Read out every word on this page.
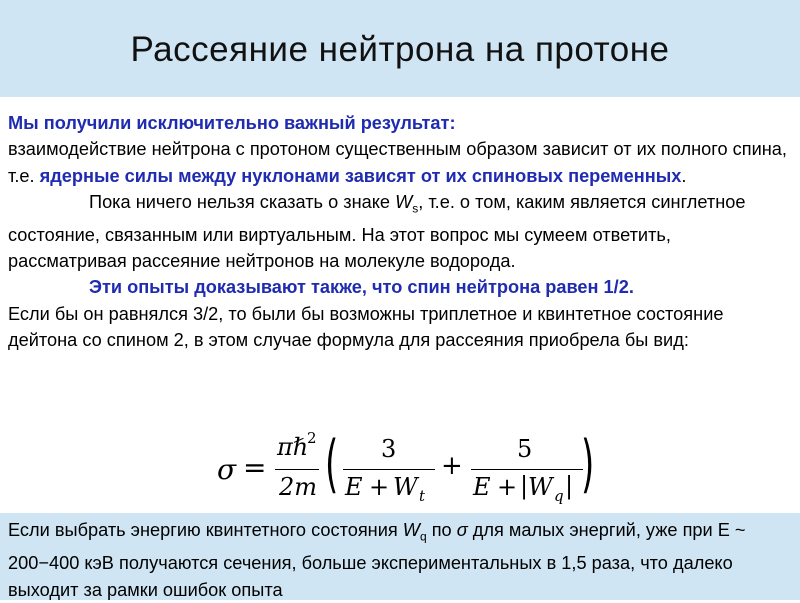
Рассеяние нейтрона на протоне

Мы получили исключительно важный результат:
взаимодействие нейтрона с протоном существенным образом зависит от их полного спина, т.е. ядерные силы между нуклонами зависят от их спиновых переменных.

Пока ничего нельзя сказать о знаке $W_s$, т.е. о том, каким является синглетное состояние, связанным или виртуальным. На этот вопрос мы сумеем ответить, рассматривая рассеяние нейтронов на молекуле водорода.

Эти опыты доказывают также, что спин нейтрона равен 1/2.
Если бы он равнялся 3/2, то были бы возможны триплетное и квинтетное состояние дейтона со спином 2, в этом случае формула для рассеяния приобрела бы вид:

σ =
πℏ
2
2m ( 3
E + W t
+
5
E + | W q | )
Если выбрать энергию квинтетного состояния $W_q$ по σ для малых энергий, уже при Е ~ 200−400 кэВ получаются сечения, больше экспериментальных в 1,5 раза, что далеко выходит за рамки ошибок опыта
